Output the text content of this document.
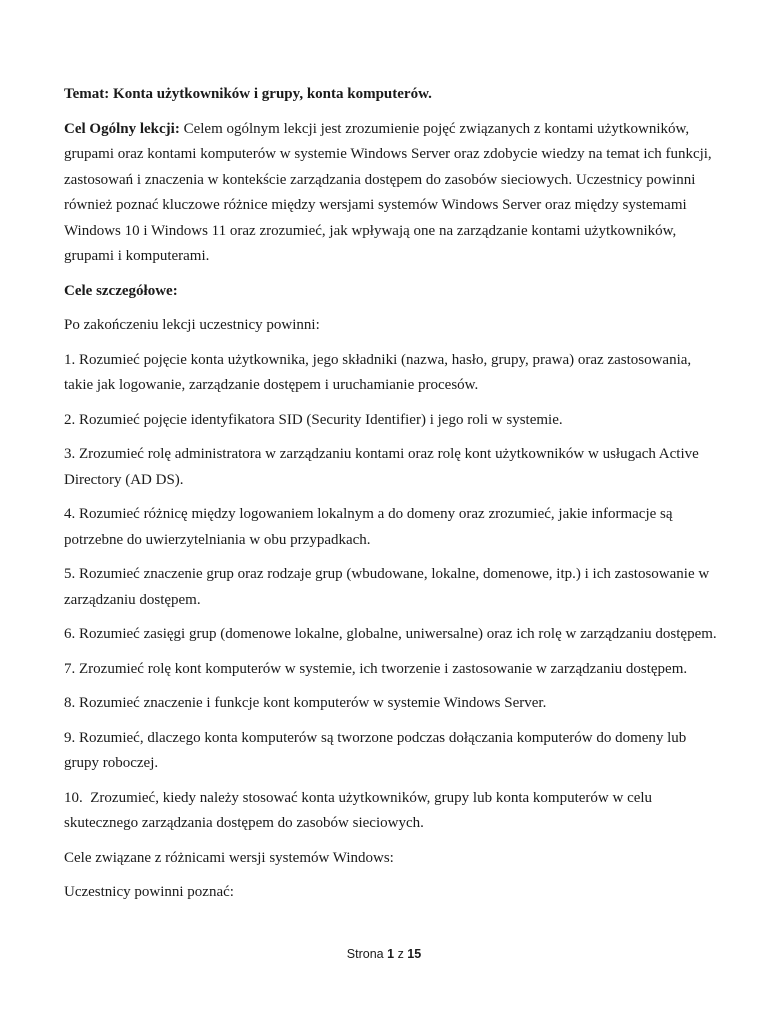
Temat: Konta użytkowników i grupy, konta komputerów.

Cel Ogólny lekcji: Celem ogólnym lekcji jest zrozumienie pojęć związanych z kontami użytkowników, grupami oraz kontami komputerów w systemie Windows Server oraz zdobycie wiedzy na temat ich funkcji, zastosowań i znaczenia w kontekście zarządzania dostępem do zasobów sieciowych. Uczestnicy powinni również poznać kluczowe różnice między wersjami systemów Windows Server oraz między systemami Windows 10 i Windows 11 oraz zrozumieć, jak wpływają one na zarządzanie kontami użytkowników, grupami i komputerami.

Cele szczegółowe:

Po zakończeniu lekcji uczestnicy powinni:

1. Rozumieć pojęcie konta użytkownika, jego składniki (nazwa, hasło, grupy, prawa) oraz zastosowania, takie jak logowanie, zarządzanie dostępem i uruchamianie procesów.

2. Rozumieć pojęcie identyfikatora SID (Security Identifier) i jego roli w systemie.

3. Zrozumieć rolę administratora w zarządzaniu kontami oraz rolę kont użytkowników w usługach Active Directory (AD DS).

4. Rozumieć różnicę między logowaniem lokalnym a do domeny oraz zrozumieć, jakie informacje są potrzebne do uwierzytelniania w obu przypadkach.

5. Rozumieć znaczenie grup oraz rodzaje grup (wbudowane, lokalne, domenowe, itp.) i ich zastosowanie w zarządzaniu dostępem.

6. Rozumieć zasięgi grup (domenowe lokalne, globalne, uniwersalne) oraz ich rolę w zarządzaniu dostępem.

7. Zrozumieć rolę kont komputerów w systemie, ich tworzenie i zastosowanie w zarządzaniu dostępem.

8. Rozumieć znaczenie i funkcje kont komputerów w systemie Windows Server.

9. Rozumieć, dlaczego konta komputerów są tworzone podczas dołączania komputerów do domeny lub grupy roboczej.

10. Zrozumieć, kiedy należy stosować konta użytkowników, grupy lub konta komputerów w celu skutecznego zarządzania dostępem do zasobów sieciowych.

Cele związane z różnicami wersji systemów Windows:

Uczestnicy powinni poznać:

Strona 1 z 15
